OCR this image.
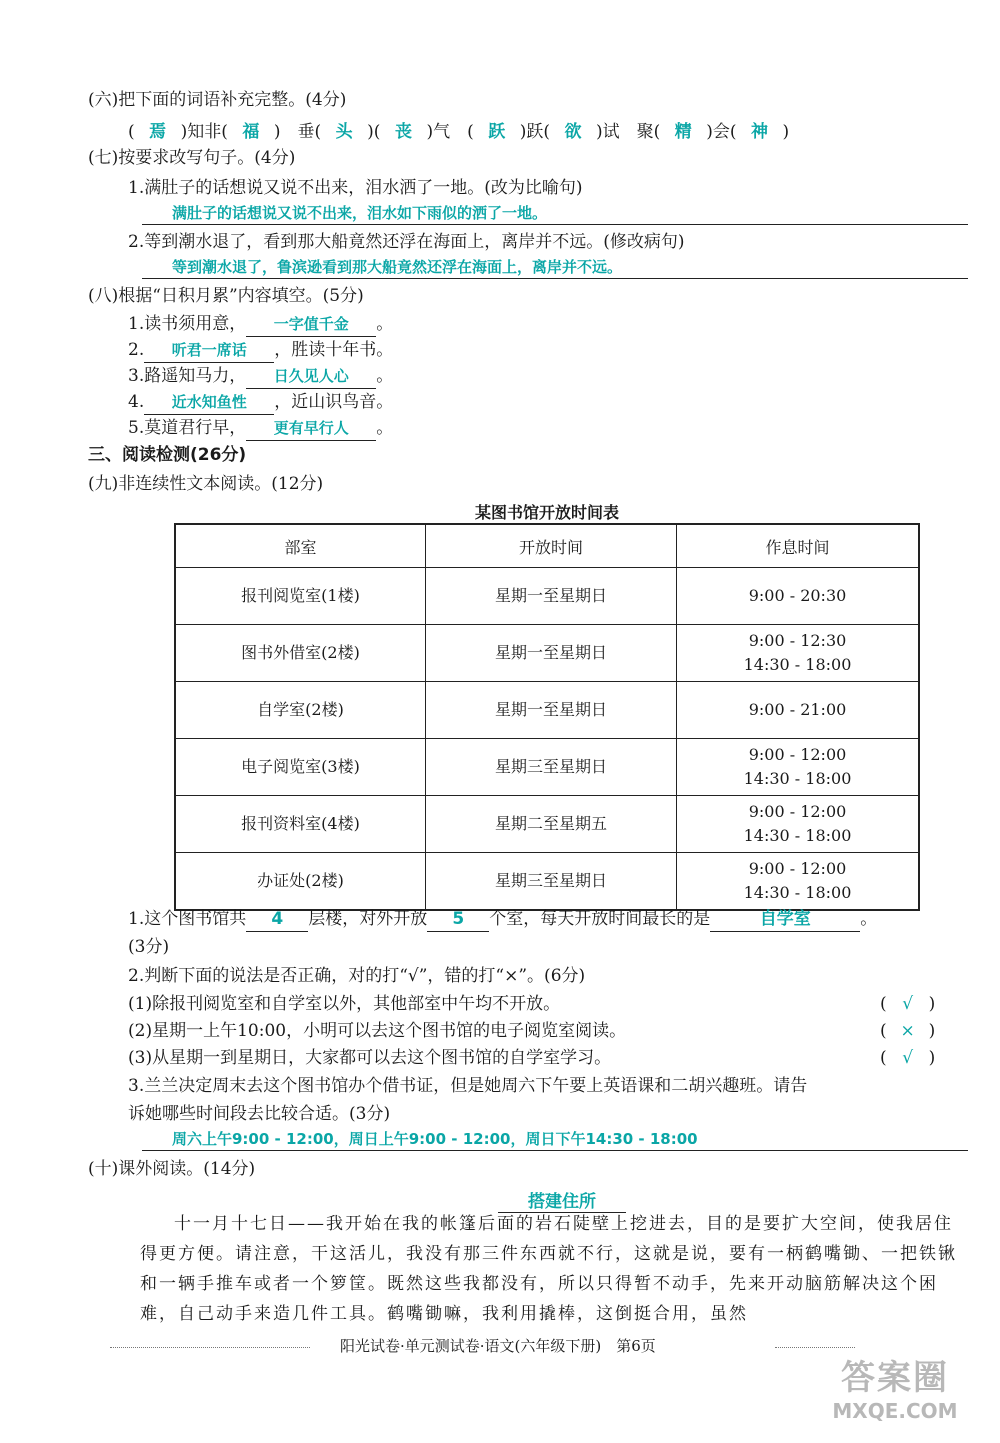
(六)把下面的词语补充完整。(4分)
( 焉 )知非( 福 )　垂( 头 )( 丧 )气　( 跃 )跃( 欲 )试　聚( 精 )会( 神 )
(七)按要求改写句子。(4分)
1.满肚子的话想说又说不出来，泪水洒了一地。(改为比喻句)
满肚子的话想说又说不出来，泪水如下雨似的洒了一地。
2.等到潮水退了，看到那大船竟然还浮在海面上，离岸并不远。(修改病句)
等到潮水退了，鲁滨逊看到那大船竟然还浮在海面上，离岸并不远。
(八)根据“日积月累”内容填空。(5分)
1.读书须用意， 一字值千金 。
2. 听君一席话 ，胜读十年书。
3.路遥知马力， 日久见人心 。
4. 近水知鱼性 ，近山识鸟音。
5.莫道君行早， 更有早行人 。
三、阅读检测(26分)
(九)非连续性文本阅读。(12分)
某图书馆开放时间表
部室	开放时间	作息时间
报刊阅览室(1楼)	星期一至星期日	9:00 - 20:30

图书外借室(2楼)	星期一至星期日	9:00 - 12:30
14:30 - 18:00

自学室(2楼)	星期一至星期日	9:00 - 21:00

电子阅览室(3楼)	星期三至星期日	9:00 - 12:00
14:30 - 18:00

报刊资料室(4楼)	星期二至星期五	9:00 - 12:00
14:30 - 18:00

办证处(2楼)	星期三至星期日	9:00 - 12:00
14:30 - 18:00
1.这个图书馆共 4 层楼，对外开放 5 个室，每天开放时间最长的是	自学室	。
(3分)
2.判断下面的说法是否正确，对的打“√”，错的打“×”。(6分)
(1)除报刊阅览室和自学室以外，其他部室中午均不开放。	( √ )
(2)星期一上午10:00，小明可以去这个图书馆的电子阅览室阅读。	( × )
(3)从星期一到星期日，大家都可以去这个图书馆的自学室学习。	( √ )
3.兰兰决定周末去这个图书馆办个借书证，但是她周六下午要上英语课和二胡兴趣班。请告
诉她哪些时间段去比较合适。(3分)
周六上午9:00 - 12:00，周日上午9:00 - 12:00，周日下午14:30 - 18:00
(十)课外阅读。(14分)
搭建住所
十一月十七日——我开始在我的帐篷后面的岩石陡壁上挖进去，目的是要扩大空间，使我居住得更方便。请注意，干这活儿，我没有那三件东西就不行，这就是说，要有一柄鹤嘴锄、一把铁锹和一辆手推车或者一个箩筐。既然这些我都没有，所以只得暂不动手，先来开动脑筋解决这个困难，自己动手来造几件工具。鹤嘴锄嘛，我利用撬棒，这倒挺合用，虽然
阳光试卷·单元测试卷·语文(六年级下册)　第6页
答案圈
MXQE.COM
